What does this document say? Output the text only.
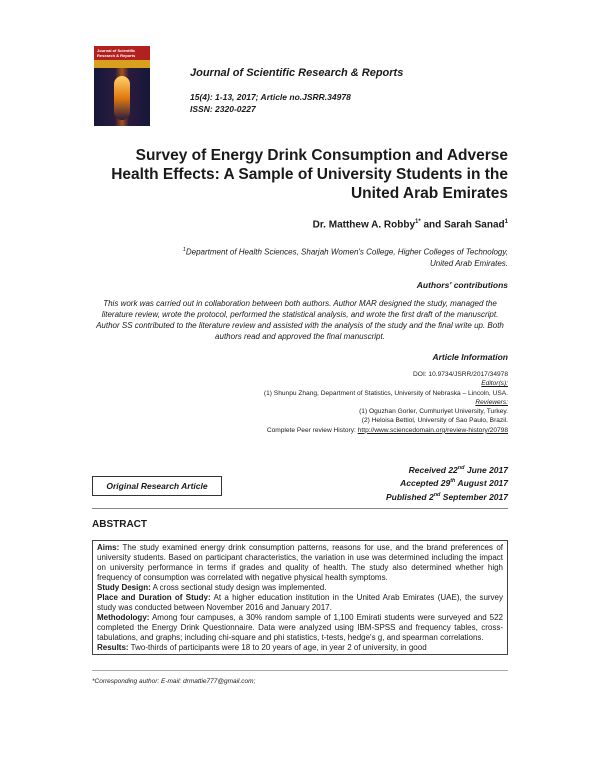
Journal of Scientific Research & Reports
Journal of Scientific Research & Reports
15(4): 1-13, 2017; Article no.JSRR.34978
ISSN: 2320-0227
Survey of Energy Drink Consumption and Adverse Health Effects: A Sample of University Students in the United Arab Emirates
Dr. Matthew A. Robby$^{1*}$ and Sarah Sanad$^1$
$^1$Department of Health Sciences, Sharjah Women's College, Higher Colleges of Technology,
United Arab Emirates.
Authors' contributions
This work was carried out in collaboration between both authors. Author MAR designed the study, managed the literature review, wrote the protocol, performed the statistical analysis, and wrote the first draft of the manuscript. Author SS contributed to the literature review and assisted with the analysis of the study and the final write up. Both authors read and approved the final manuscript.
Article Information
DOI: 10.9734/JSRR/2017/34978
Editor(s):
(1) Shunpu Zhang, Department of Statistics, University of Nebraska – Lincoln, USA.
Reviewers:
(1) Oguzhan Gorler, Cumhuriyet University, Turkey.
(2) Heloisa Bettiol, University of Sao Paulo, Brazil.
Complete Peer review History: http://www.sciencedomain.org/review-history/20798
Original Research Article
Received 22nd June 2017
Accepted 29th August 2017
Published 2nd September 2017
ABSTRACT

Aims: The study examined energy drink consumption patterns, reasons for use, and the brand preferences of university students. Based on participant characteristics, the variation in use was determined including the impact on university performance in terms if grades and quality of health. The study also determined whether high frequency of consumption was correlated with negative physical health symptoms.

Study Design: A cross sectional study design was implemented.

Place and Duration of Study: At a higher education institution in the United Arab Emirates (UAE), the survey study was conducted between November 2016 and January 2017.

Methodology: Among four campuses, a 30% random sample of 1,100 Emirati students were surveyed and 522 completed the Energy Drink Questionnaire. Data were analyzed using IBM-SPSS and frequency tables, cross-tabulations, and graphs; including chi-square and phi statistics, t-tests, hedge's g, and spearman correlations.

Results: Two-thirds of participants were 18 to 20 years of age, in year 2 of university, in good

*Corresponding author: E-mail: drmattie777@gmail.com;
